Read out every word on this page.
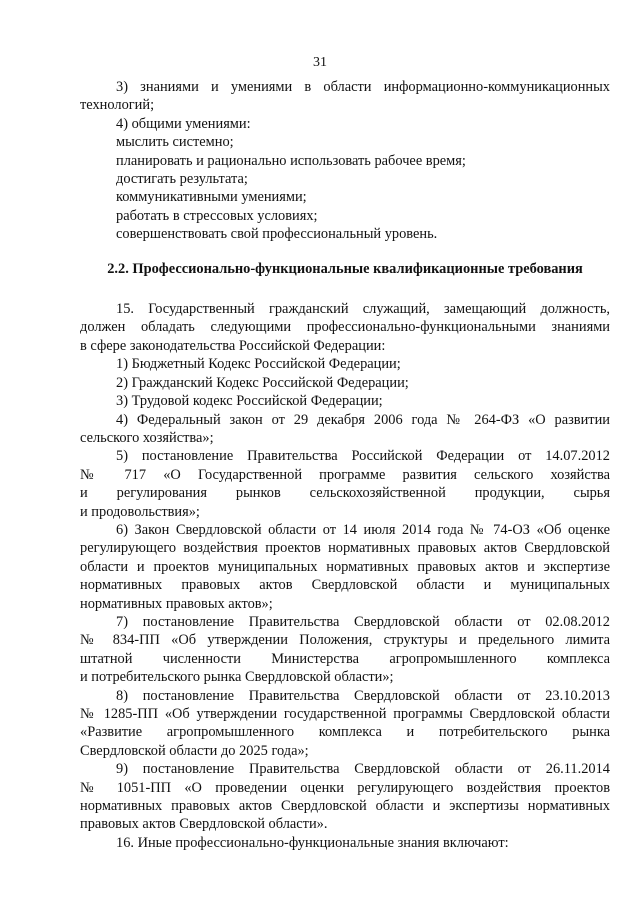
31

3) знаниями и умениями в области информационно-коммуникационных

технологий;

4) общими умениями:

мыслить системно;

планировать и рационально использовать рабочее время;

достигать результата;

коммуникативными умениями;

работать в стрессовых условиях;

совершенствовать свой профессиональный уровень.

2.2. Профессионально-функциональные квалификационные требования

15. Государственный гражданский служащий, замещающий должность,

должен обладать следующими профессионально-функциональными знаниями

в сфере законодательства Российской Федерации:

1) Бюджетный Кодекс Российской Федерации;

2) Гражданский Кодекс Российской Федерации;

3) Трудовой кодекс Российской Федерации;

4) Федеральный закон от 29 декабря 2006 года № 264-ФЗ «О развитии

сельского хозяйства»;

5) постановление Правительства Российской Федерации от 14.07.2012

№ 717 «О Государственной программе развития сельского хозяйства

и регулирования рынков сельскохозяйственной продукции, сырья

и продовольствия»;

6) Закон Свердловской области от 14 июля 2014 года № 74-ОЗ «Об оценке

регулирующего воздействия проектов нормативных правовых актов Свердловской

области и проектов муниципальных нормативных правовых актов и экспертизе

нормативных правовых актов Свердловской области и муниципальных

нормативных правовых актов»;

7) постановление Правительства Свердловской области от 02.08.2012

№ 834-ПП «Об утверждении Положения, структуры и предельного лимита

штатной численности Министерства агропромышленного комплекса

и потребительского рынка Свердловской области»;

8) постановление Правительства Свердловской области от 23.10.2013

№ 1285-ПП «Об утверждении государственной программы Свердловской области

«Развитие агропромышленного комплекса и потребительского рынка

Свердловской области до 2025 года»;

9) постановление Правительства Свердловской области от 26.11.2014

№ 1051-ПП «О проведении оценки регулирующего воздействия проектов

нормативных правовых актов Свердловской области и экспертизы нормативных

правовых актов Свердловской области».

16. Иные профессионально-функциональные знания включают:
